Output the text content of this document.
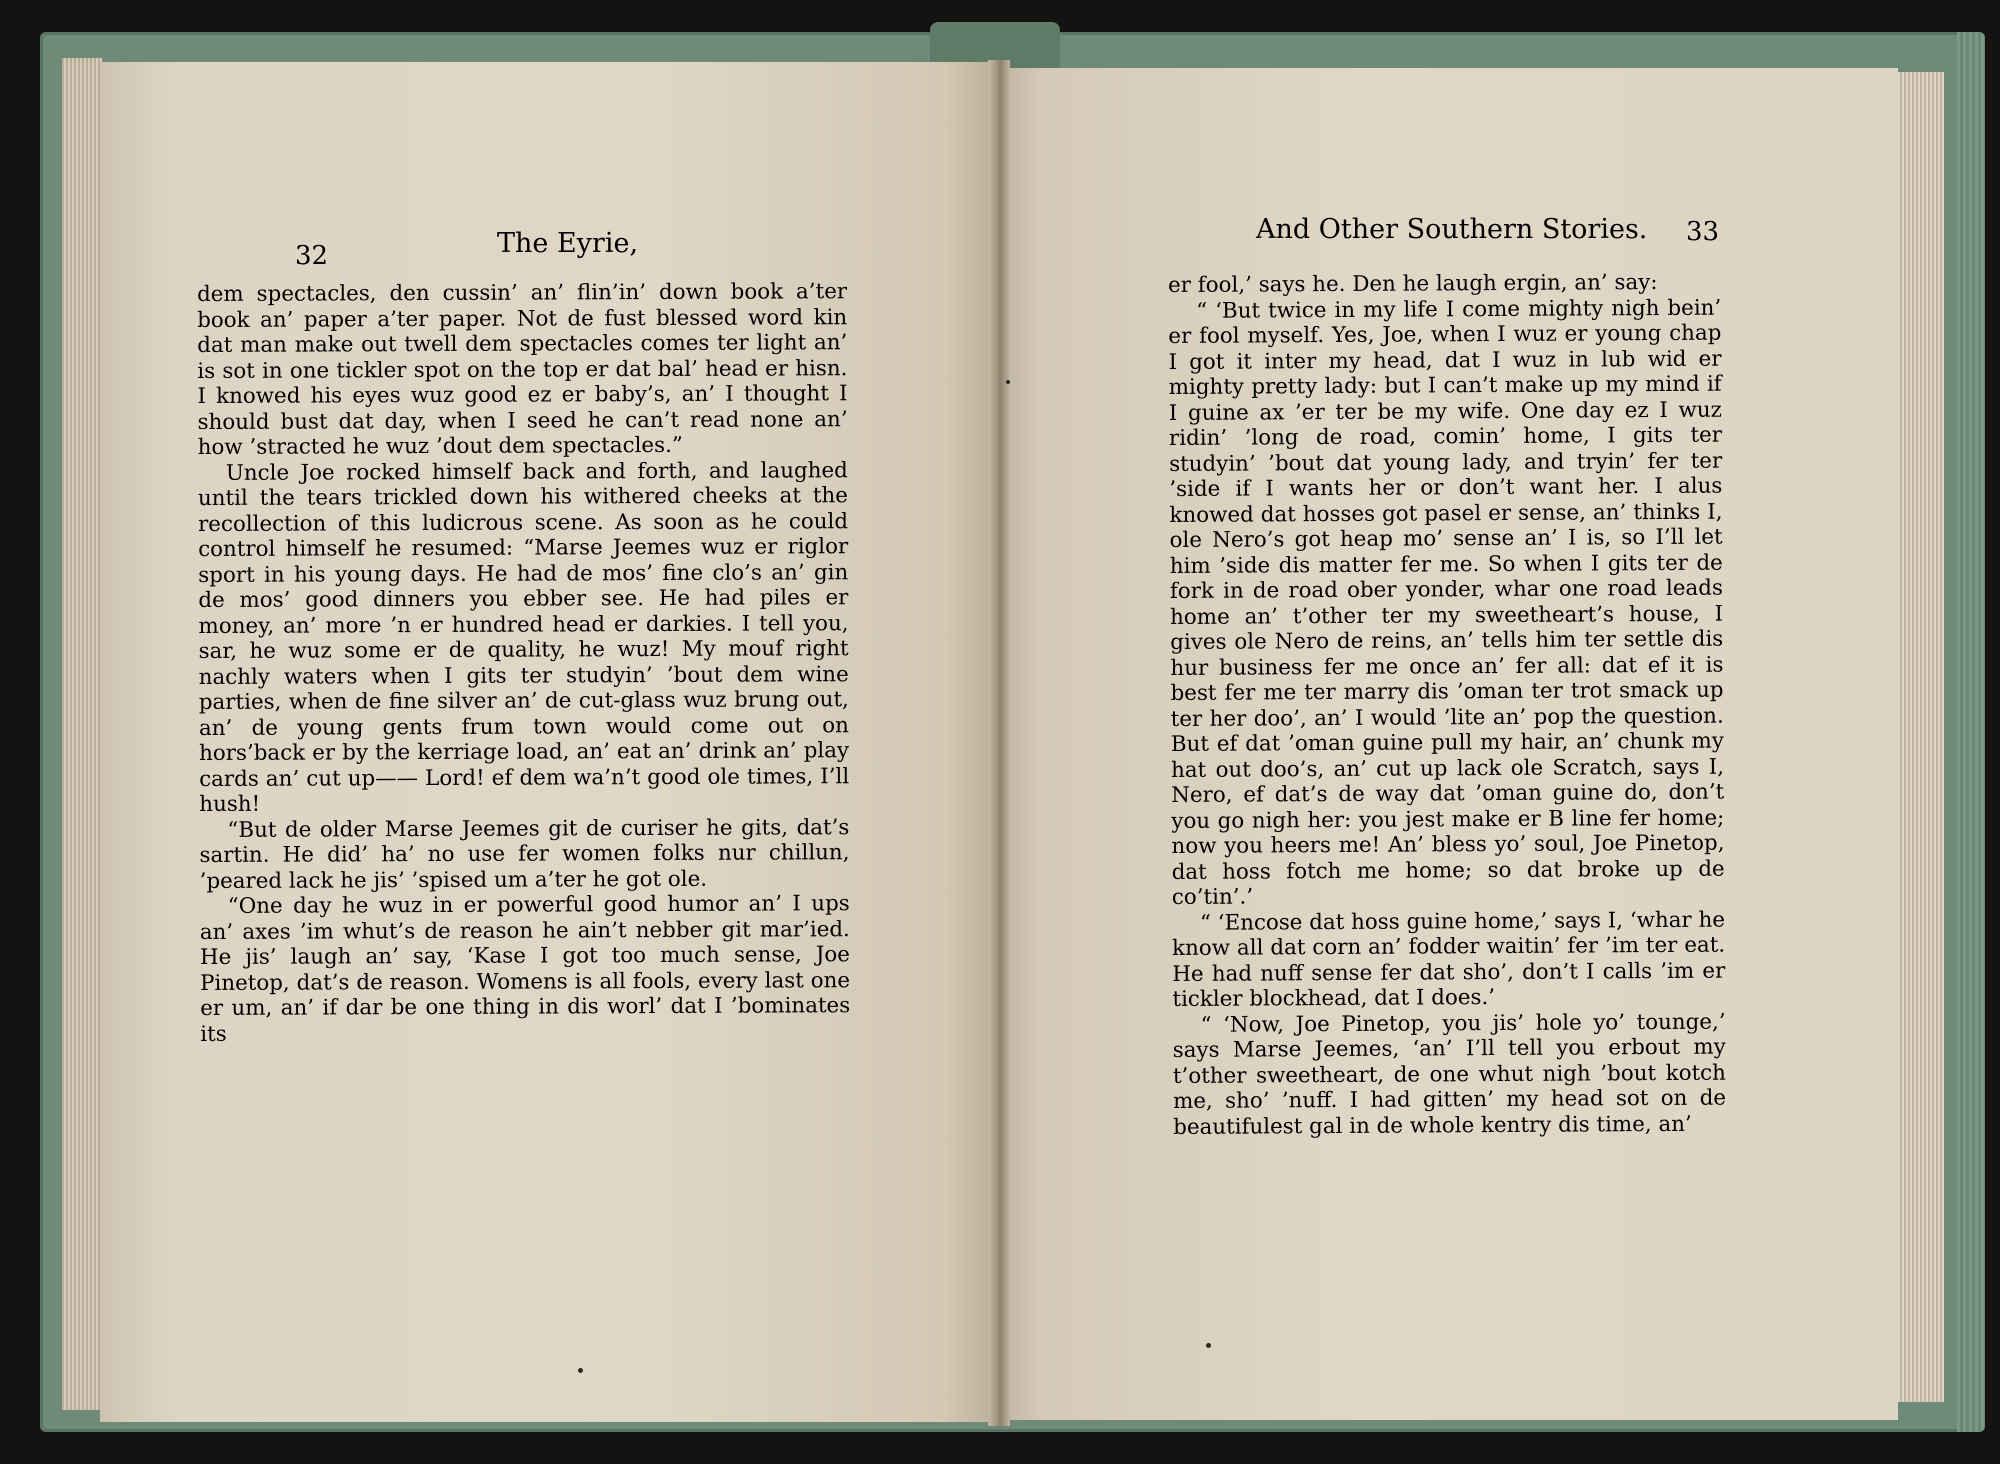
32	The Eyrie,

dem spectacles, den cussin’ an’ flin’in’ down book a’ter book an’ paper a’ter paper. Not de fust blessed word kin dat man make out twell dem spectacles comes ter light an’ is sot in one tickler spot on the top er dat bal’ head er hisn. I knowed his eyes wuz good ez er baby’s, an’ I thought I should bust dat day, when I seed he can’t read none an’ how ’stracted he wuz ’dout dem spectacles.”

Uncle Joe rocked himself back and forth, and laughed until the tears trickled down his withered cheeks at the recollection of this ludicrous scene. As soon as he could control himself he resumed: “Marse Jeemes wuz er riglor sport in his young days. He had de mos’ fine clo’s an’ gin de mos’ good dinners you ebber see. He had piles er money, an’ more ’n er hundred head er darkies. I tell you, sar, he wuz some er de quality, he wuz! My mouf right nachly waters when I gits ter studyin’ ’bout dem wine parties, when de fine silver an’ de cut-glass wuz brung out, an’ de young gents frum town would come out on hors’back er by the kerriage load, an’ eat an’ drink an’ play cards an’ cut up—— Lord! ef dem wa’n’t good ole times, I’ll hush!

“But de older Marse Jeemes git de curiser he gits, dat’s sartin. He did’ ha’ no use fer women folks nur chillun, ’peared lack he jis’ ’spised um a’ter he got ole.

“One day he wuz in er powerful good humor an’ I ups an’ axes ’im whut’s de reason he ain’t nebber git mar’ied. He jis’ laugh an’ say, ‘Kase I got too much sense, Joe Pinetop, dat’s de reason. Womens is all fools, every last one er um, an’ if dar be one thing in dis worl’ dat I ’bominates its

And Other Southern Stories. 33

er fool,’ says he. Den he laugh ergin, an’ say:

“ ‘But twice in my life I come mighty nigh bein’ er fool myself. Yes, Joe, when I wuz er young chap I got it inter my head, dat I wuz in lub wid er mighty pretty lady: but I can’t make up my mind if I guine ax ’er ter be my wife. One day ez I wuz ridin’ ’long de road, comin’ home, I gits ter studyin’ ’bout dat young lady, and tryin’ fer ter ’side if I wants her or don’t want her. I alus knowed dat hosses got pasel er sense, an’ thinks I, ole Nero’s got heap mo’ sense an’ I is, so I’ll let him ’side dis matter fer me. So when I gits ter de fork in de road ober yonder, whar one road leads home an’ t’other ter my sweetheart’s house, I gives ole Nero de reins, an’ tells him ter settle dis hur business fer me once an’ fer all: dat ef it is best fer me ter marry dis ’oman ter trot smack up ter her doo’, an’ I would ’lite an’ pop the question. But ef dat ’oman guine pull my hair, an’ chunk my hat out doo’s, an’ cut up lack ole Scratch, says I, Nero, ef dat’s de way dat ’oman guine do, don’t you go nigh her: you jest make er B line fer home; now you heers me! An’ bless yo’ soul, Joe Pinetop, dat hoss fotch me home; so dat broke up de co’tin’.’

“ ‘Encose dat hoss guine home,’ says I, ‘whar he know all dat corn an’ fodder waitin’ fer ’im ter eat. He had nuff sense fer dat sho’, don’t I calls ’im er tickler blockhead, dat I does.’

“ ‘Now, Joe Pinetop, you jis’ hole yo’ tounge,’ says Marse Jeemes, ‘an’ I’ll tell you erbout my t’other sweetheart, de one whut nigh ’bout kotch me, sho’ ’nuff. I had gitten’ my head sot on de beautifulest gal in de whole kentry dis time, an’
